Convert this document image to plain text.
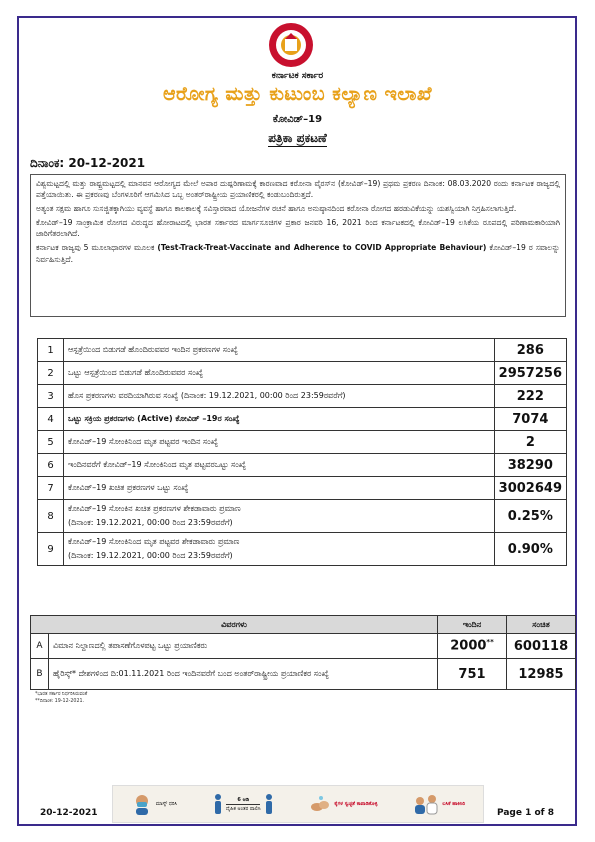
ಕರ್ನಾಟಕ ಸರ್ಕಾರ
ಆರೋಗ್ಯ ಮತ್ತು ಕುಟುಂಬ ಕಲ್ಯಾಣ ಇಲಾಖೆ
ಕೋವಿಡ್–19
ಪತ್ರಿಕಾ ಪ್ರಕಟಣೆ
ದಿನಾಂಕ: 20-12-2021

ವಿಶ್ವಮಟ್ಟದಲ್ಲಿ ಮತ್ತು ರಾಷ್ಟ್ರಮಟ್ಟದಲ್ಲಿ ಮಾನವನ ಆರೋಗ್ಯದ ಮೇಲೆ ಅಪಾರ ದುಷ್ಪರಿಣಾಮಕ್ಕೆ ಕಾರಣವಾದ ಕರೋನಾ ವೈರಸ್‌ನ (ಕೋವಿಡ್–19) ಪ್ರಥಮ ಪ್ರಕರಣ ದಿನಾಂಕ: 08.03.2020 ರಂದು ಕರ್ನಾಟಕ ರಾಜ್ಯದಲ್ಲಿ ಪತ್ತೆಯಾಯಿತು. ಈ ಪ್ರಕರಣವು ಬೆಂಗಳೂರಿಗೆ ಆಗಮಿಸಿದ ಒಬ್ಬ ಅಂತರ್‌ರಾಷ್ಟ್ರೀಯ ಪ್ರಯಾಣಿಕರಲ್ಲಿ ಕಂಡುಬಂದಿರುತ್ತದೆ.

ಅತ್ಯಂತ ಸಕ್ಷಮ ಹಾಗೂ ಸುಸಜ್ಜಿತಕ್ಕಾಗಿಯು ವ್ಯವಸ್ಥೆ ಹಾಗೂ ಕಾಲಕಾಲಕ್ಕೆ ಸವಿಸ್ತಾರವಾದ ಯೋಜನೆಗಳ ರಚನೆ ಹಾಗೂ ಅನುಷ್ಠಾನದಿಂದ ಕರೋನಾ ರೋಗದ ಹರಡುವಿಕೆಯನ್ನು ಯಶಸ್ವಿಯಾಗಿ ನಿಗ್ರಹಿಸಲಾಗುತ್ತಿದೆ.

ಕೋವಿಡ್–19 ಸಾಂಕ್ರಾಮಿಕ ರೋಗದ ವಿರುದ್ಧದ ಹೋರಾಟದಲ್ಲಿ ಭಾರತ ಸರ್ಕಾರದ ಮಾರ್ಗಸೂಚಿಗಳ ಪ್ರಕಾರ ಜನವರಿ 16, 2021 ರಿಂದ ಕರ್ನಾಟಕದಲ್ಲಿ ಕೋವಿಡ್–19 ಲಸಿಕೆಯ ರೂಪದಲ್ಲಿ ಪರಿಣಾಮಕಾರಿಯಾಗಿ ಜಾರಿಗೆತರಲಾಗಿದೆ.

ಕರ್ನಾಟಕ ರಾಜ್ಯವು 5 ಮೂಲಾಧಾರಗಳ ಮೂಲಕ (Test-Track-Treat-Vaccinate and Adherence to COVID Appropriate Behaviour) ಕೋವಿಡ್–19 ರ ಸವಾಲನ್ನು ನಿರ್ವಹಿಸುತ್ತಿದೆ.

1	ಆಸ್ಪತ್ರೆಯಿಂದ ಬಿಡುಗಡೆ ಹೊಂದಿರುವವರ ಇಂದಿನ ಪ್ರಕರಣಗಳ ಸಂಖ್ಯೆ	286
2	ಒಟ್ಟು ಆಸ್ಪತ್ರೆಯಿಂದ ಬಿಡುಗಡೆ ಹೊಂದಿರುವವರ ಸಂಖ್ಯೆ	2957256
3	ಹೊಸ ಪ್ರಕರಣಗಳು ವರದಿಯಾಗಿರುವ ಸಂಖ್ಯೆ (ದಿನಾಂಕ: 19.12.2021, 00:00 ರಿಂದ 23:59ರವರೆಗೆ)	222
4	ಒಟ್ಟು ಸಕ್ರಿಯ ಪ್ರಕರಣಗಳು (Active) ಕೋವಿಡ್ –19ರ ಸಂಖ್ಯೆ	7074
5	ಕೋವಿಡ್–19 ಸೋಂಕಿನಿಂದ ಮೃತ ಪಟ್ಟವರ ಇಂದಿನ ಸಂಖ್ಯೆ	2
6	ಇಂದಿನವರೆಗೆ ಕೋವಿಡ್–19 ಸೋಂಕಿನಿಂದ ಮೃತ ಪಟ್ಟವರಒಟ್ಟು ಸಂಖ್ಯೆ	38290
7	ಕೋವಿಡ್–19 ಖಚಿತ ಪ್ರಕರಣಗಳ ಒಟ್ಟು ಸಂಖ್ಯೆ	3002649
8	ಕೋವಿಡ್–19 ಸೋಂಕಿನ ಖಚಿತ ಪ್ರಕರಣಗಳ ಶೇಕಡಾವಾರು ಪ್ರಮಾಣ
(ದಿನಾಂಕ: 19.12.2021, 00:00 ರಿಂದ 23:59ರವರೆಗೆ)	0.25%
9	ಕೋವಿಡ್–19 ಸೋಂಕಿನಿಂದ ಮೃತ ಪಟ್ಟವರ ಶೇಕಡಾವಾರು ಪ್ರಮಾಣ
(ದಿನಾಂಕ: 19.12.2021, 00:00 ರಿಂದ 23:59ರವರೆಗೆ)	0.90%
ವಿವರಗಳು		ಇಂದಿನ	ಸಂಚಿತ
A	ವಿಮಾನ ನಿಲ್ದಾಣದಲ್ಲಿ ತಪಾಸಣೆಗೊಳಪಟ್ಟ ಒಟ್ಟು ಪ್ರಯಾಣಿಕರು	2000**	600118
B	ಹೈರಿಸ್ಕ್* ದೇಶಗಳಿಂದ ದಿ:01.11.2021 ರಿಂದ ಇಂದಿನವರೆಗೆ ಬಂದ ಅಂತರ್‌ರಾಷ್ಟ್ರೀಯ ಪ್ರಯಾಣಿಕರ ಸಂಖ್ಯೆ	751	12985
*ಭಾರತ ಸರ್ಕಾರ ನಿರ್ಧರಿಸಿರುವಂತೆ
**ದಿನಾಂಕ: 19-12-2021.
ಮಾಸ್ಕ್ ಧರಿಸಿ
6 ಅಡಿ
ದೈಹಿಕ ಅಂತರ ಪಾಲಿಸಿ
ಕೈಗಳ ಸ್ವಚ್ಛತೆ ಕಾಪಾಡಿಕೊಳ್ಳಿ	ಲಸಿಕೆ ಹಾಕಿಸಿರಿ
20-12-2021	Page 1 of 8
